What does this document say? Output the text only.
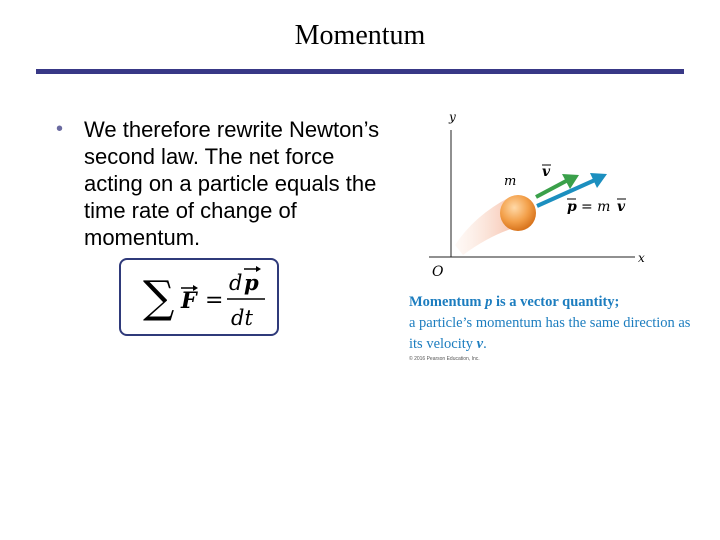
Momentum
• We therefore rewrite Newton’s second law. The net force acting on a particle equals the time rate of change of momentum.
∑ F =
d p
dt
y
x
O
m
v
p = m v
Momentum p is a vector quantity;
a particle’s momentum has the same direction as its velocity v.
© 2016 Pearson Education, Inc.
